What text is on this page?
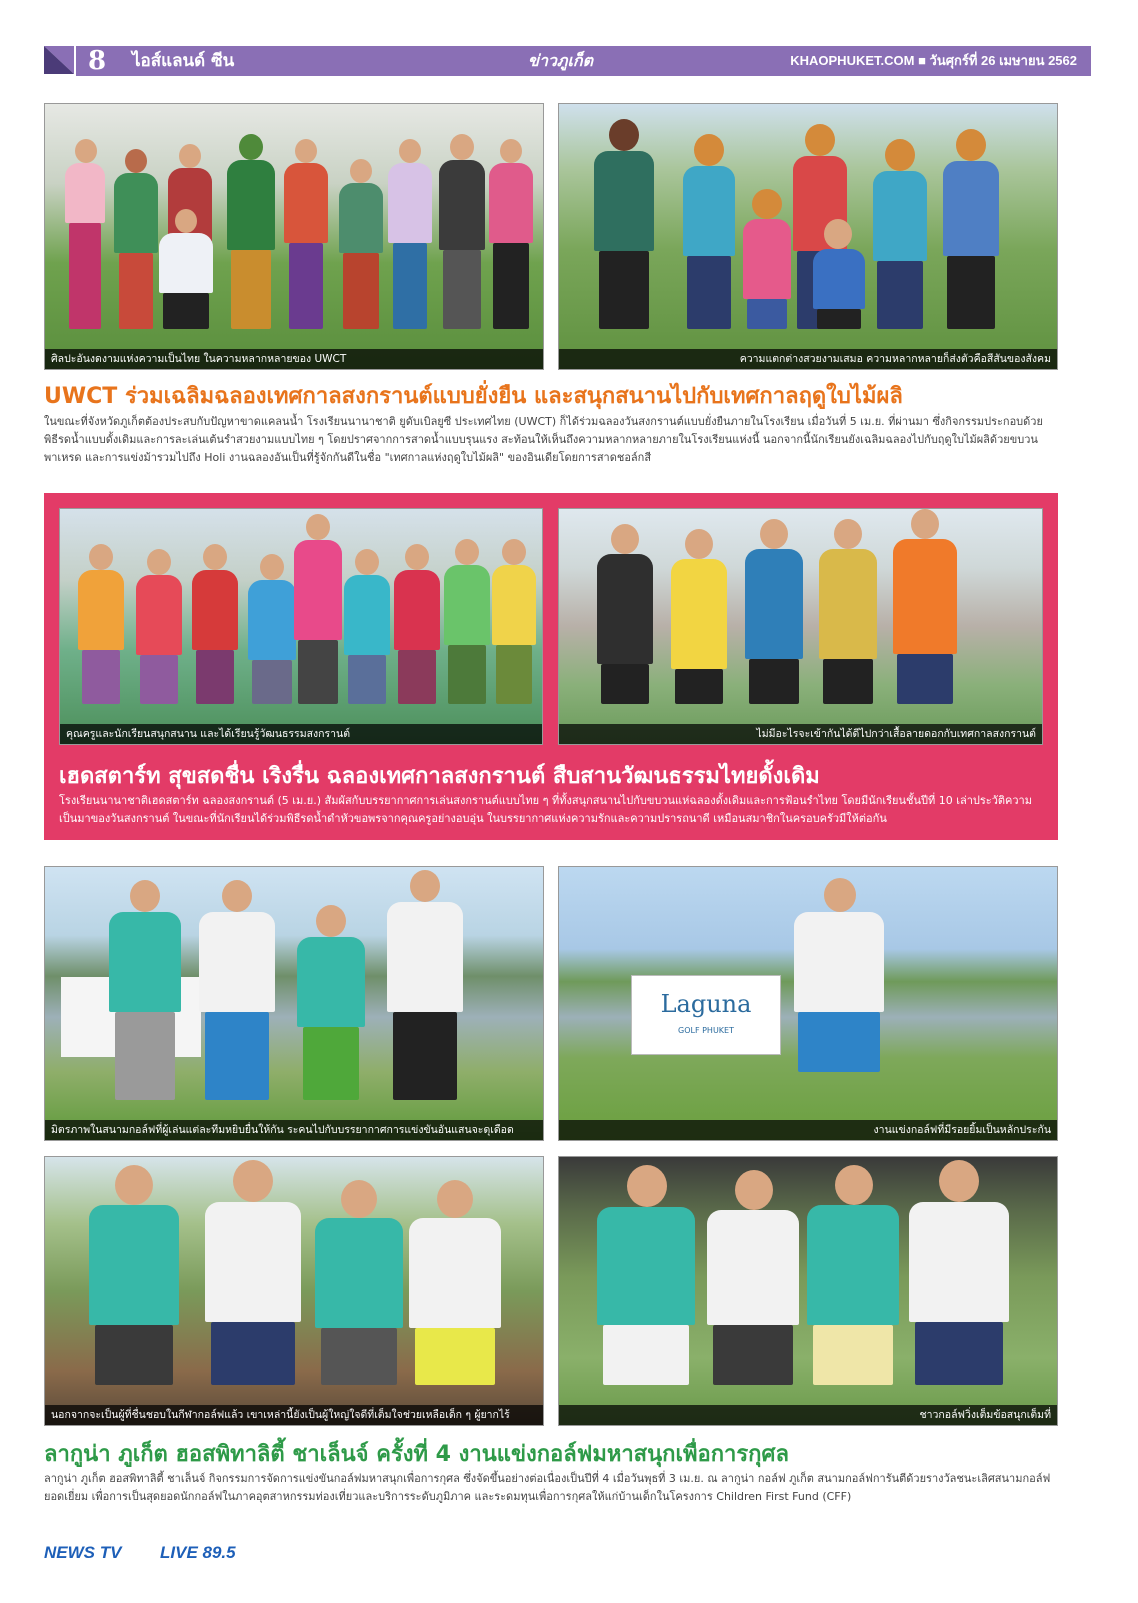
8 ไอส์แลนด์ ซีน	ข่าวภูเก็ต	KHAOPHUKET.COM ■ วันศุกร์ที่ 26 เมษายน 2562
ศิลปะอันงดงามแห่งความเป็นไทย ในความหลากหลายของ UWCT	ความแตกต่างสวยงามเสมอ ความหลากหลายก็ส่งตัวคือสีสันของสังคม
UWCT ร่วมเฉลิมฉลองเทศกาลสงกรานต์แบบยั่งยืน และสนุกสนานไปกับเทศกาลฤดูใบไม้ผลิ
ในขณะที่จังหวัดภูเก็ตต้องประสบกับปัญหาขาดแคลนน้ำ โรงเรียนนานาชาติ ยูดับเบิลยูซี ประเทศไทย (UWCT) ก็ได้ร่วมฉลองวันสงกรานต์แบบยั่งยืนภายในโรงเรียน เมื่อวันที่ 5 เม.ย. ที่ผ่านมา ซึ่งกิจกรรมประกอบด้วย พิธีรดน้ำแบบดั้งเดิมและการละเล่นเต้นรำสวยงามแบบไทย ๆ โดยปราศจากการสาดน้ำแบบรุนแรง สะท้อนให้เห็นถึงความหลากหลายภายในโรงเรียนแห่งนี้ นอกจากนี้นักเรียนยังเฉลิมฉลองไปกับฤดูใบไม้ผลิด้วยขบวนพาเหรด และการแข่งม้ารวมไปถึง Holi งานฉลองอันเป็นที่รู้จักกันดีในชื่อ "เทศกาลแห่งฤดูใบไม้ผลิ" ของอินเดียโดยการสาดชอล์กสี
คุณครูและนักเรียนสนุกสนาน และได้เรียนรู้วัฒนธรรมสงกรานต์	ไม่มีอะไรจะเข้ากันได้ดีไปกว่าเสื้อลายดอกกับเทศกาลสงกรานต์
เฮดสตาร์ท สุขสดชื่น เริงรื่น ฉลองเทศกาลสงกรานต์ สืบสานวัฒนธรรมไทยดั้งเดิม
โรงเรียนนานาชาติเฮดสตาร์ท ฉลองสงกรานต์ (5 เม.ย.) สัมผัสกับบรรยากาศการเล่นสงกรานต์แบบไทย ๆ ที่ทั้งสนุกสนานไปกับขบวนแห่ฉลองดั้งเดิมและการฟ้อนรำไทย โดยมีนักเรียนชั้นปีที่ 10 เล่าประวัติความเป็นมาของวันสงกรานต์ ในขณะที่นักเรียนได้ร่วมพิธีรดน้ำดำหัวขอพรจากคุณครูอย่างอบอุ่น ในบรรยากาศแห่งความรักและความปรารถนาดี เหมือนสมาชิกในครอบครัวมีให้ต่อกัน
มิตรภาพในสนามกอล์ฟที่ผู้เล่นแต่ละทีมหยิบยื่นให้กัน ระคนไปกับบรรยากาศการแข่งขันอันแสนจะดุเดือด
Laguna
GOLF PHUKET
งานแข่งกอล์ฟที่มีรอยยิ้มเป็นหลักประกัน
นอกจากจะเป็นผู้ที่ชื่นชอบในกีฬากอล์ฟแล้ว เขาเหล่านี้ยังเป็นผู้ใหญ่ใจดีที่เต็มใจช่วยเหลือเด็ก ๆ ผู้ยากไร้	ชาวกอล์ฟวิ่งเต็มข้อสนุกเต็มที่
ลากูน่า ภูเก็ต ฮอสพิทาลิตี้ ชาเล็นจ์ ครั้งที่ 4 งานแข่งกอล์ฟมหาสนุกเพื่อการกุศล
ลากูน่า ภูเก็ต ฮอสพิทาลิตี้ ชาเล็นจ์ กิจกรรมการจัดการแข่งขันกอล์ฟมหาสนุกเพื่อการกุศล ซึ่งจัดขึ้นอย่างต่อเนื่องเป็นปีที่ 4 เมื่อวันพุธที่ 3 เม.ย. ณ ลากูน่า กอล์ฟ ภูเก็ต สนามกอล์ฟการันตีด้วยรางวัลชนะเลิศสนามกอล์ฟยอดเยี่ยม เพื่อการเป็นสุดยอดนักกอล์ฟในภาคอุตสาหกรรมท่องเที่ยวและบริการระดับภูมิภาค และระดมทุนเพื่อการกุศลให้แก่บ้านเด็กในโครงการ Children First Fund (CFF)
NEWS TV LIVE 89.5
